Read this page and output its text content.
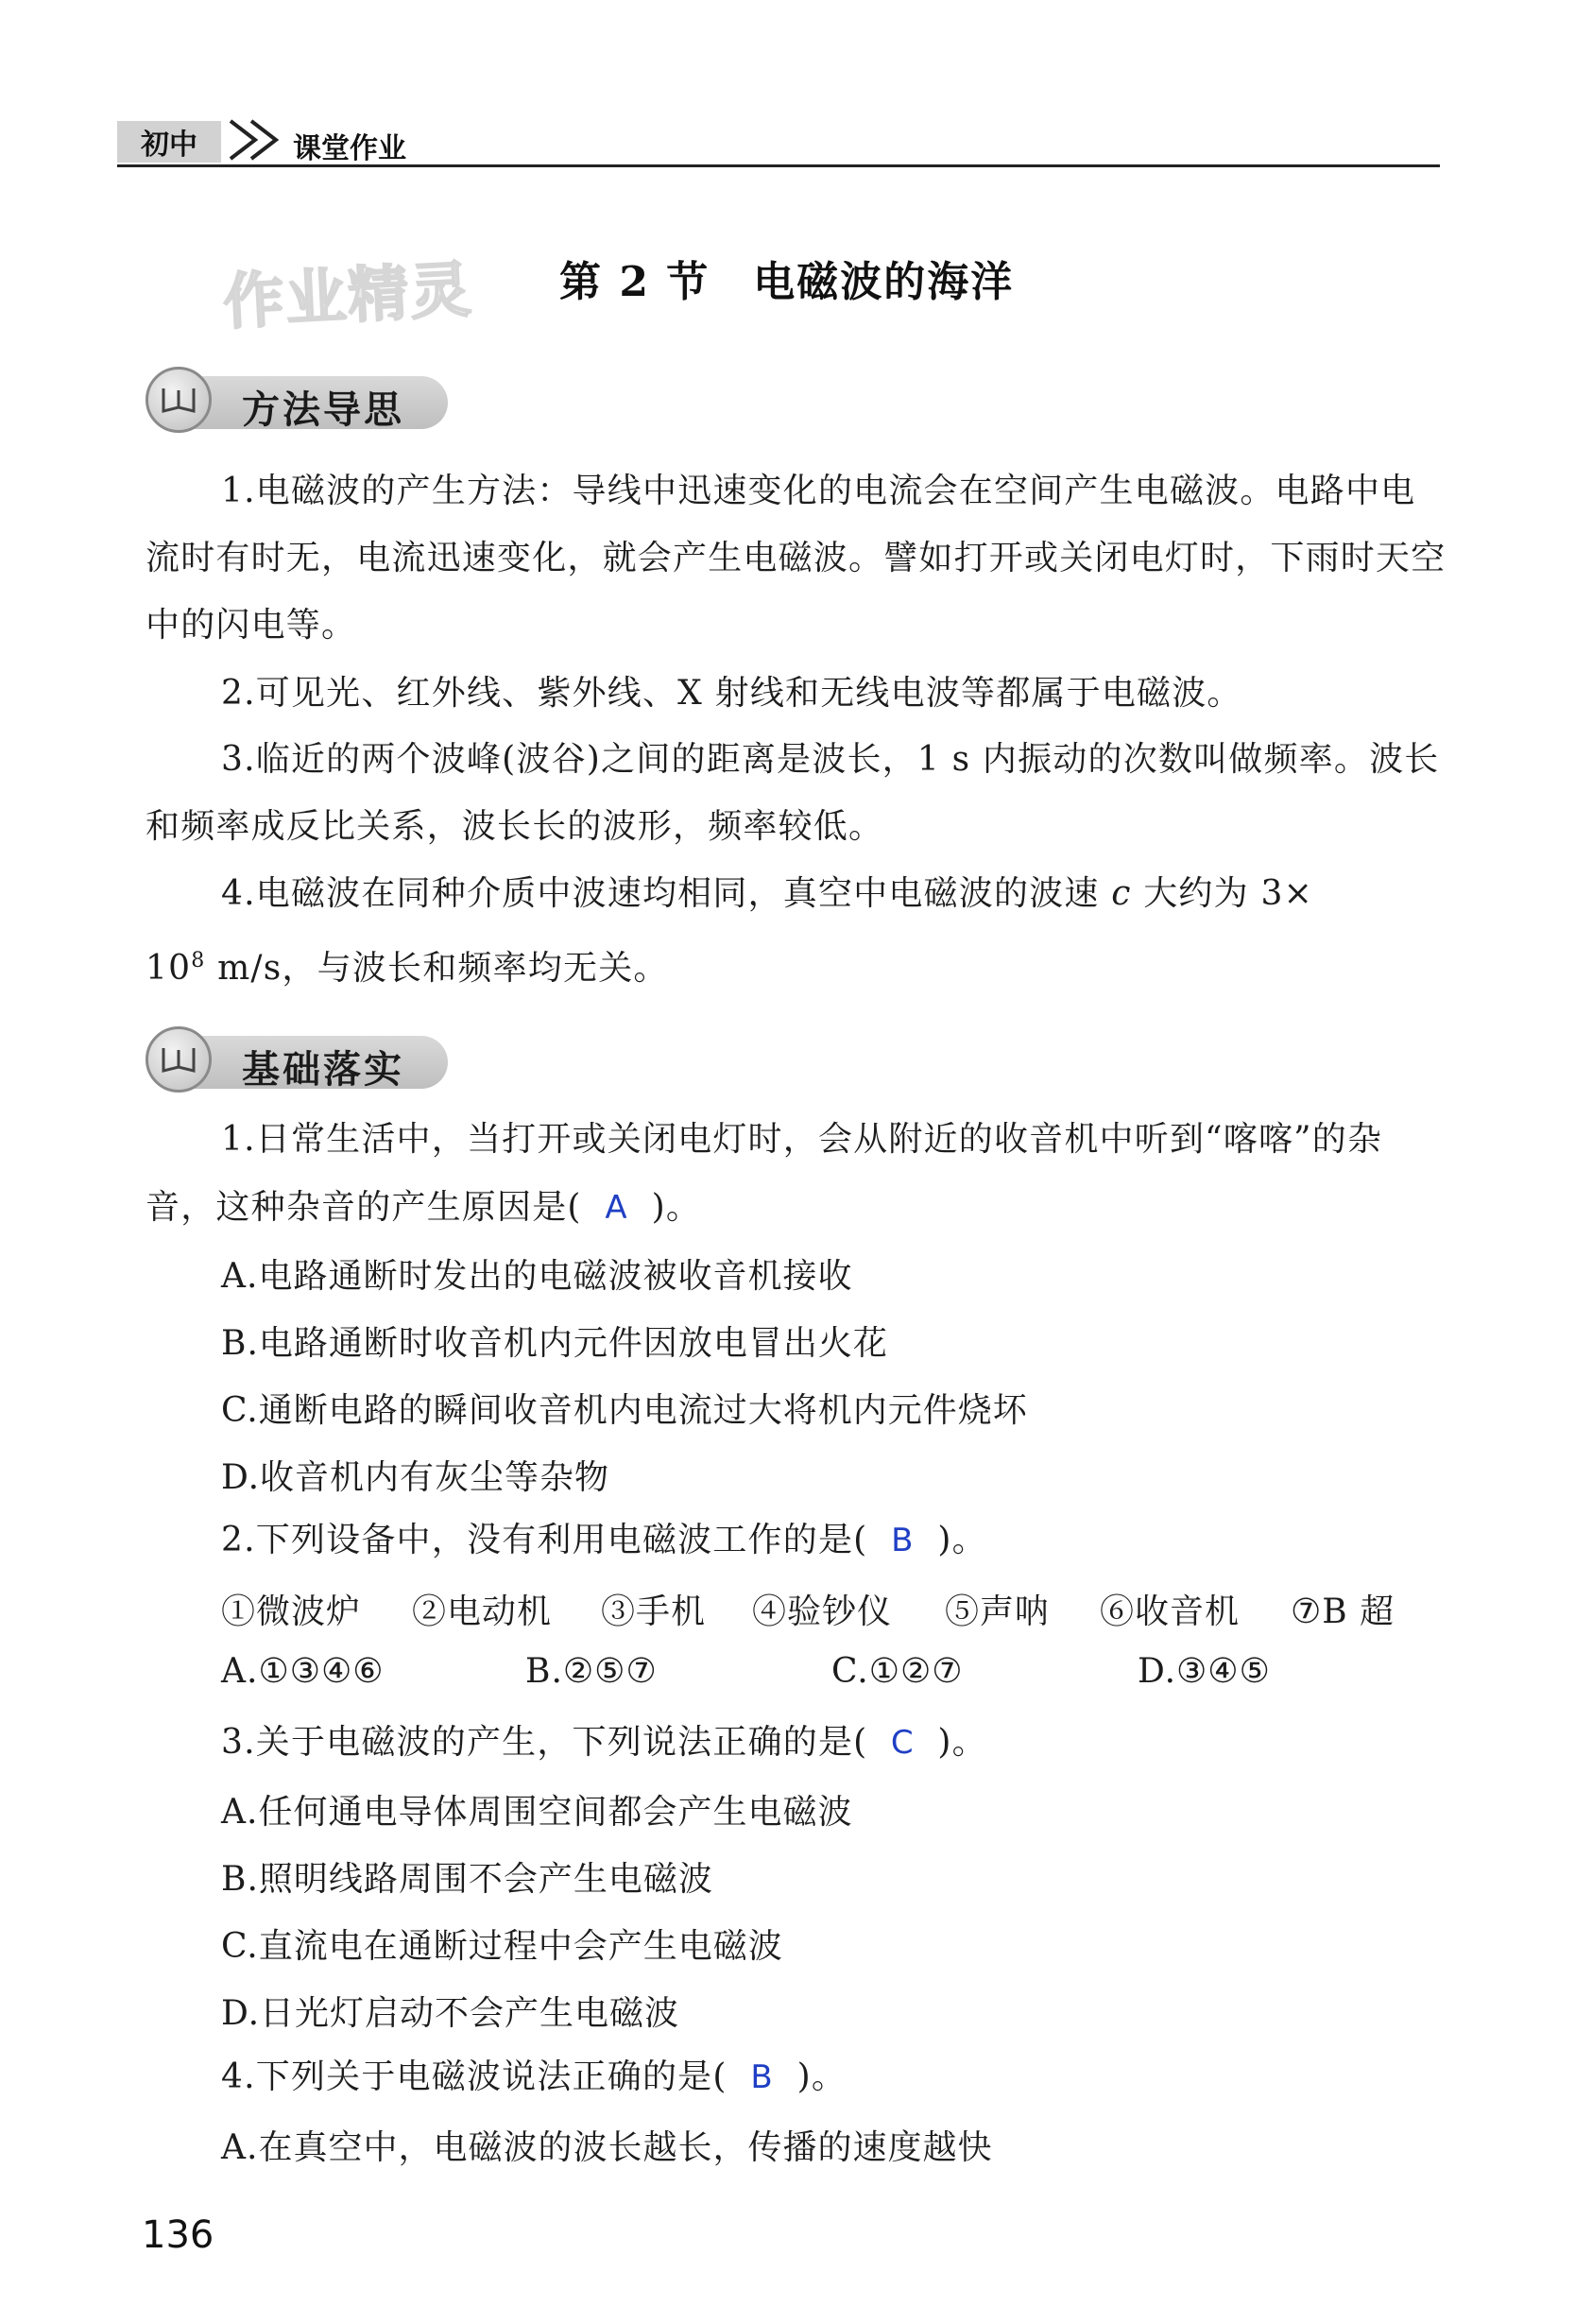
初中	课堂作业
作业精灵 第 2 节　电磁波的海洋
方法导思
1.电磁波的产生方法：导线中迅速变化的电流会在空间产生电磁波。电路中电流时有时无，电流迅速变化，就会产生电磁波。譬如打开或关闭电灯时，下雨时天空中的闪电等。
2.可见光、红外线、紫外线、X 射线和无线电波等都属于电磁波。
3.临近的两个波峰(波谷)之间的距离是波长，1 s 内振动的次数叫做频率。波长和频率成反比关系，波长长的波形，频率较低。
4.电磁波在同种介质中波速均相同，真空中电磁波的波速 c 大约为 3×
$10^8$ m/s，与波长和频率均无关。
基础落实
1.日常生活中，当打开或关闭电灯时，会从附近的收音机中听到“喀喀”的杂
音，这种杂音的产生原因是( A )。
A.电路通断时发出的电磁波被收音机接收
B.电路通断时收音机内元件因放电冒出火花
C.通断电路的瞬间收音机内电流过大将机内元件烧坏
D.收音机内有灰尘等杂物
2.下列设备中，没有利用电磁波工作的是( B )。
①微波炉 ②电动机 ③手机 ④验钞仪 ⑤声呐 ⑥收音机 ⑦B 超
A.①③④⑥	B.②⑤⑦	C.①②⑦	D.③④⑤
3.关于电磁波的产生，下列说法正确的是( C )。
A.任何通电导体周围空间都会产生电磁波
B.照明线路周围不会产生电磁波
C.直流电在通断过程中会产生电磁波
D.日光灯启动不会产生电磁波
4.下列关于电磁波说法正确的是( B )。
A.在真空中，电磁波的波长越长，传播的速度越快
136
